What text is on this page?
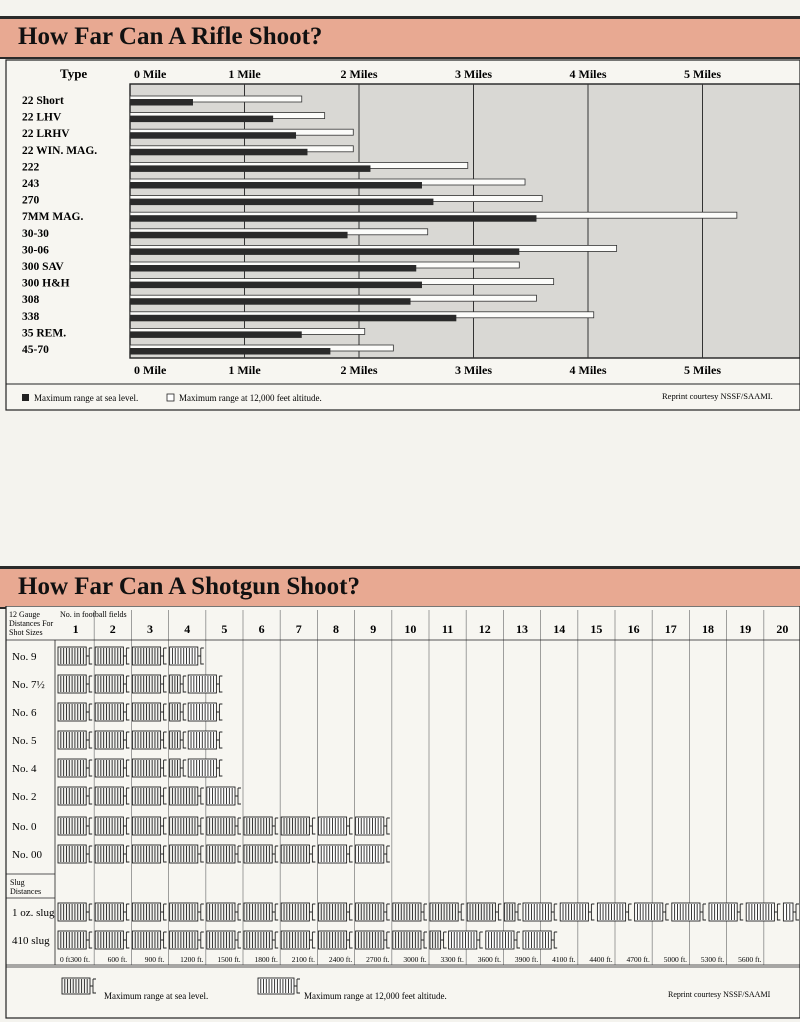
How Far Can A Rifle Shoot?
Type	0 Mile	1 Mile	2 Miles	3 Miles	4 Miles	5 Miles
0 Mile	1 Mile	2 Miles	3 Miles	4 Miles	5 Miles
22 Short
22 LHV
22 LRHV
22 WIN. MAG.
222
243
270
7MM MAG.
30-30
30-06
300 SAV
300 H&H
308
338
35 REM.
45-70
Maximum range at sea level.	Maximum range at 12,000 feet altitude.	Reprint courtesy NSSF/SAAMI.
How Far Can A Shotgun Shoot?
12 Gauge
Distances For
Shot Sizes
No. in football fields
1	2	3	4	5	6	7	8	9 10 11 12 13 14 15 16 17 18 19 20
Slug
Distances
No. 9
No. 7½
No. 6
No. 5
No. 4
No. 2
No. 0
No. 00
1 oz. slug
410 slug
0 ft.
300 ft. 600 ft. 900 ft. 1200 ft. 1500 ft. 1800 ft. 2100 ft. 2400 ft. 2700 ft. 3000 ft. 3300 ft. 3600 ft. 3900 ft. 4100 ft. 4400 ft. 4700 ft. 5000 ft. 5300 ft. 5600 ft.
Maximum range at sea level.	Maximum range at 12,000 feet altitude.	Reprint courtesy NSSF/SAAMI
